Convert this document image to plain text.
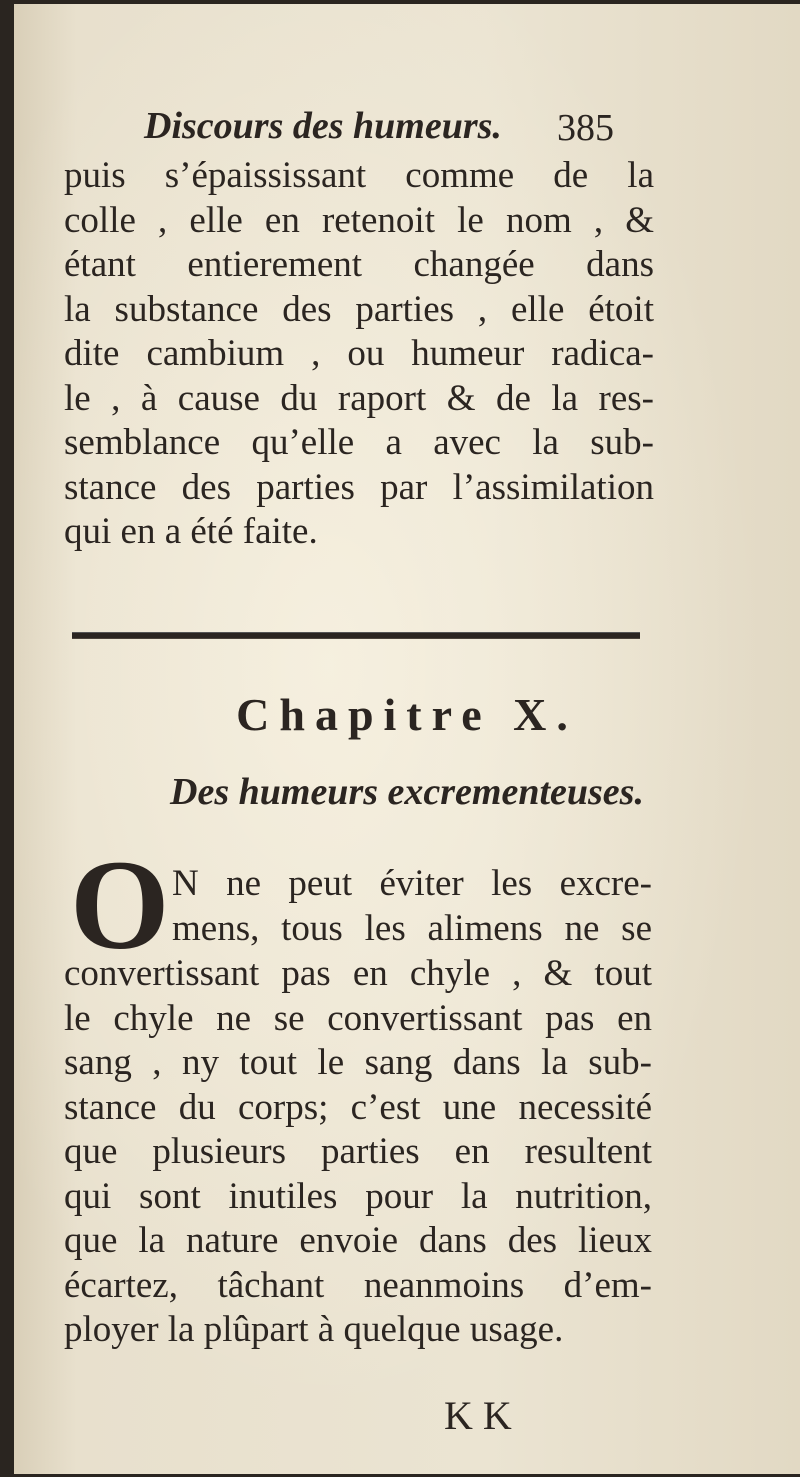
Discours des humeurs. 385
puis s’épaississant comme de la
colle , elle en retenoit le nom , &
étant entierement changée dans
la substance des parties , elle étoit
dite cambium , ou humeur radica-
le , à cause du raport & de la res-
semblance qu’elle a avec la sub-
stance des parties par l’assimilation
qui en a été faite.
Chapitre X.
Des humeurs excrementeuses.
O N ne peut éviter les excre-
mens, tous les alimens ne se
convertissant pas en chyle , & tout
le chyle ne se convertissant pas en
sang , ny tout le sang dans la sub-
stance du corps; c’est une necessité
que plusieurs parties en resultent
qui sont inutiles pour la nutrition,
que la nature envoie dans des lieux
écartez, tâchant neanmoins d’em-
ployer la plûpart à quelque usage.
K K
